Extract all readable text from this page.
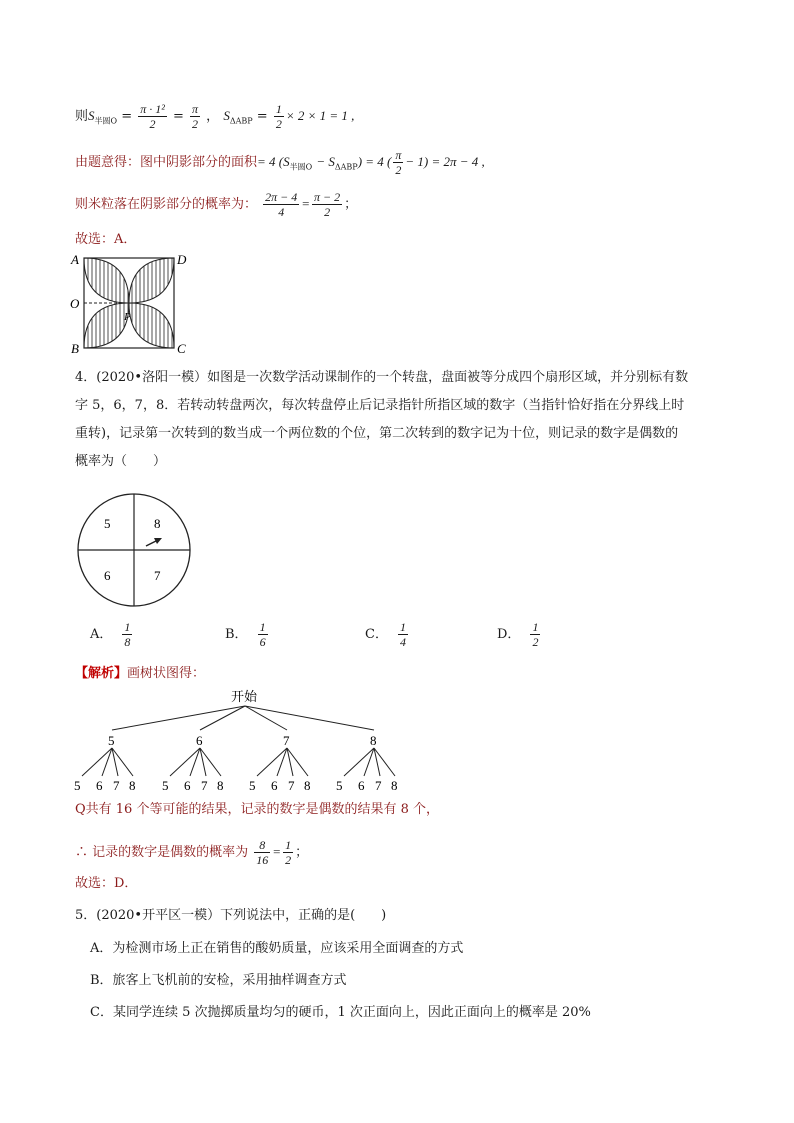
则$S_{半圆O} = \frac{\text{π · 1²}}{2} = \frac{\pi}{2}$ ， $S_{\Delta ABP} = \frac{1}{2} \times 2 \times 1 = 1$ ,
由题意得：图中阴影部分的面积= 4 $(S_{半圆O} - S_{\Delta ABP}) = 4$ ( $\frac{\pi}{2} - 1) = 2\pi - 4$ ,
则米粒落在阴影部分的概率为： $\frac{2\pi - 4}{4} = \frac{\pi - 2}{2}$ ；
故选：A．
A	D
O
P
B	C
4．(2020•洛阳一模）如图是一次数学活动课制作的一个转盘，盘面被等分成四个扇形区域，并分别标有数
字 5，6，7，8．若转动转盘两次，每次转盘停止后记录指针所指区域的数字（当指针恰好指在分界线上时
重转)，记录第一次转到的数当成一个两位数的个位，第二次转到的数字记为十位，则记录的数字是偶数的
概率为（　　）
5	8
6	7
A． $\frac{1}{8}$	B． $\frac{1}{6}$	C． $\frac{1}{4}$	D． $\frac{1}{2}$
【解析】画树状图得：
开始
5	6	7	8
5 6 7 8 5 6 7 8 5 6 7 8 5 6 7 8
Q共有 16 个等可能的结果，记录的数字是偶数的结果有 8 个，
∴ 记录的数字是偶数的概率为 $\frac{8}{16} = \frac{1}{2}$ ；
故选：D．
5．(2020•开平区一模）下列说法中，正确的是(　　)
A．为检测市场上正在销售的酸奶质量，应该采用全面调查的方式
B．旅客上飞机前的安检，采用抽样调查方式
C．某同学连续 5 次抛掷质量均匀的硬币，1 次正面向上，因此正面向上的概率是 20%
